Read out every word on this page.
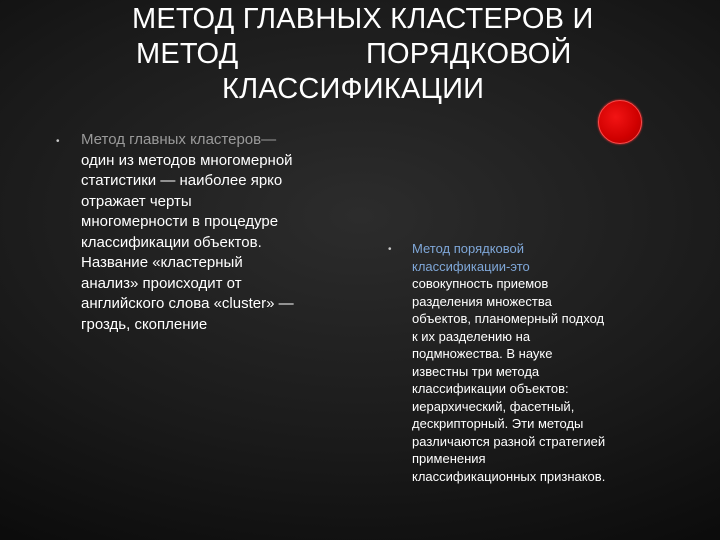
МЕТОД ГЛАВНЫХ КЛАСТЕРОВ И
МЕТОД	ПОРЯДКОВОЙ
КЛАССИФИКАЦИИ
• Метод главных кластеров—
один из методов многомерной
статистики — наиболее ярко
отражает черты
многомерности в процедуре
классификации объектов.
Название «кластерный
анализ» происходит от
английского слова «cluster» —
гроздь, скопление
• Метод порядковой
классификации-это
совокупность приемов
разделения множества
объектов, планомерный подход
к их разделению на
подмножества. В науке
известны три метода
классификации объектов:
иерархический, фасетный,
дескрипторный. Эти методы
различаются разной стратегией
применения
классификационных признаков.
